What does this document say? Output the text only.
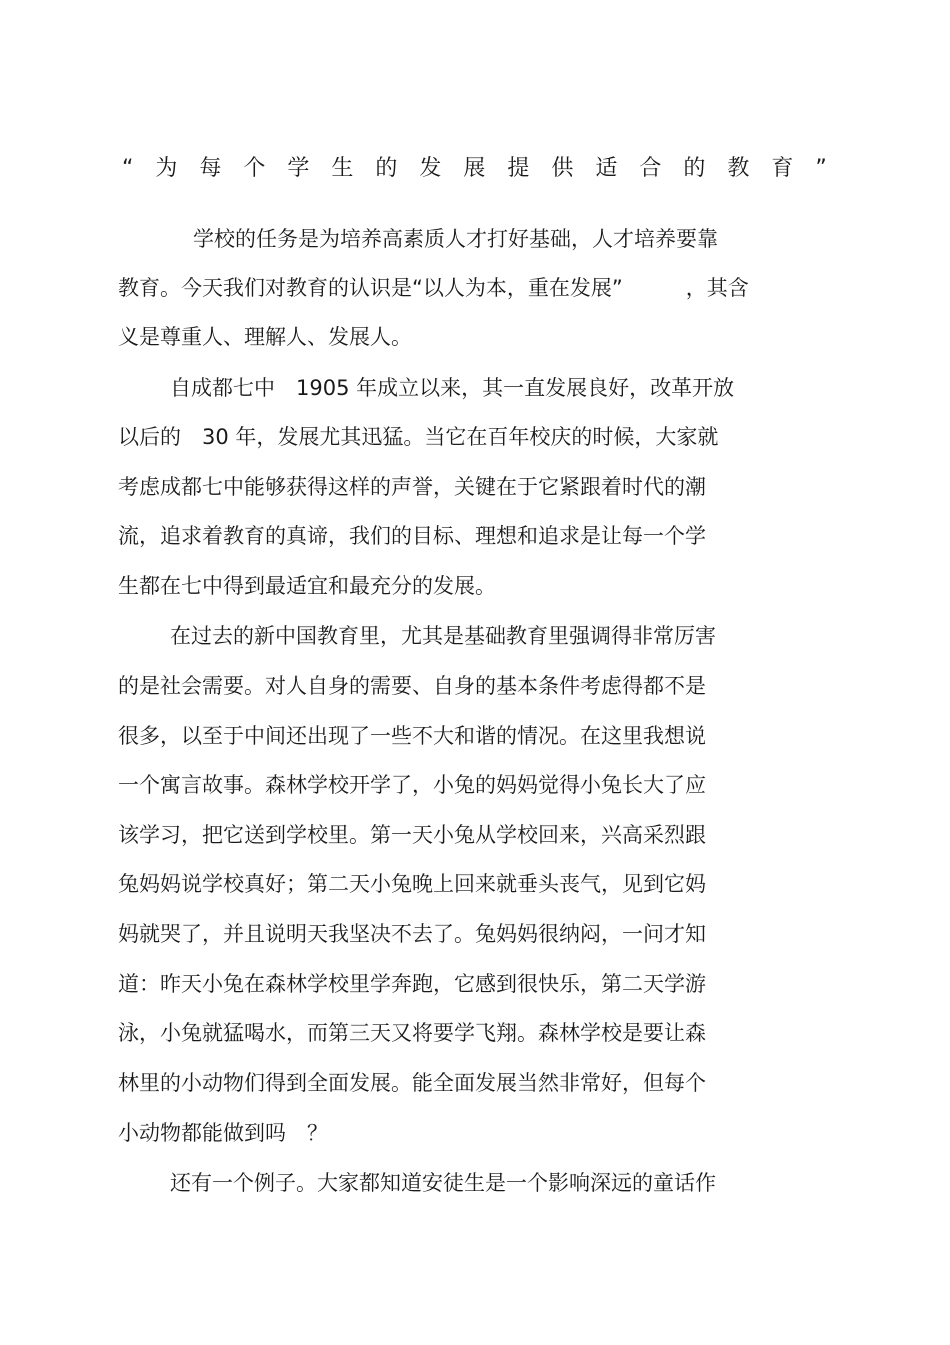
“ 为 每 个 学 生 的 发 展 提 供 适 合 的 教 育 ”
学校的任务是为培养高素质人才打好基础，人才培养要靠
教育。今天我们对教育的认识是“以人为本，重在发展”　　　，其含
义是尊重人、理解人、发展人。
自成都七中　1905 年成立以来，其一直发展良好，改革开放
以后的　30 年，发展尤其迅猛。当它在百年校庆的时候，大家就
考虑成都七中能够获得这样的声誉，关键在于它紧跟着时代的潮
流，追求着教育的真谛，我们的目标、理想和追求是让每一个学
生都在七中得到最适宜和最充分的发展。
在过去的新中国教育里，尤其是基础教育里强调得非常厉害
的是社会需要。对人自身的需要、自身的基本条件考虑得都不是
很多，以至于中间还出现了一些不大和谐的情况。在这里我想说
一个寓言故事。森林学校开学了，小兔的妈妈觉得小兔长大了应
该学习，把它送到学校里。第一天小兔从学校回来，兴高采烈跟
兔妈妈说学校真好；第二天小兔晚上回来就垂头丧气，见到它妈
妈就哭了，并且说明天我坚决不去了。兔妈妈很纳闷，一问才知
道：昨天小兔在森林学校里学奔跑，它感到很快乐，第二天学游
泳，小兔就猛喝水，而第三天又将要学飞翔。森林学校是要让森
林里的小动物们得到全面发展。能全面发展当然非常好，但每个
小动物都能做到吗　？
还有一个例子。大家都知道安徒生是一个影响深远的童话作
